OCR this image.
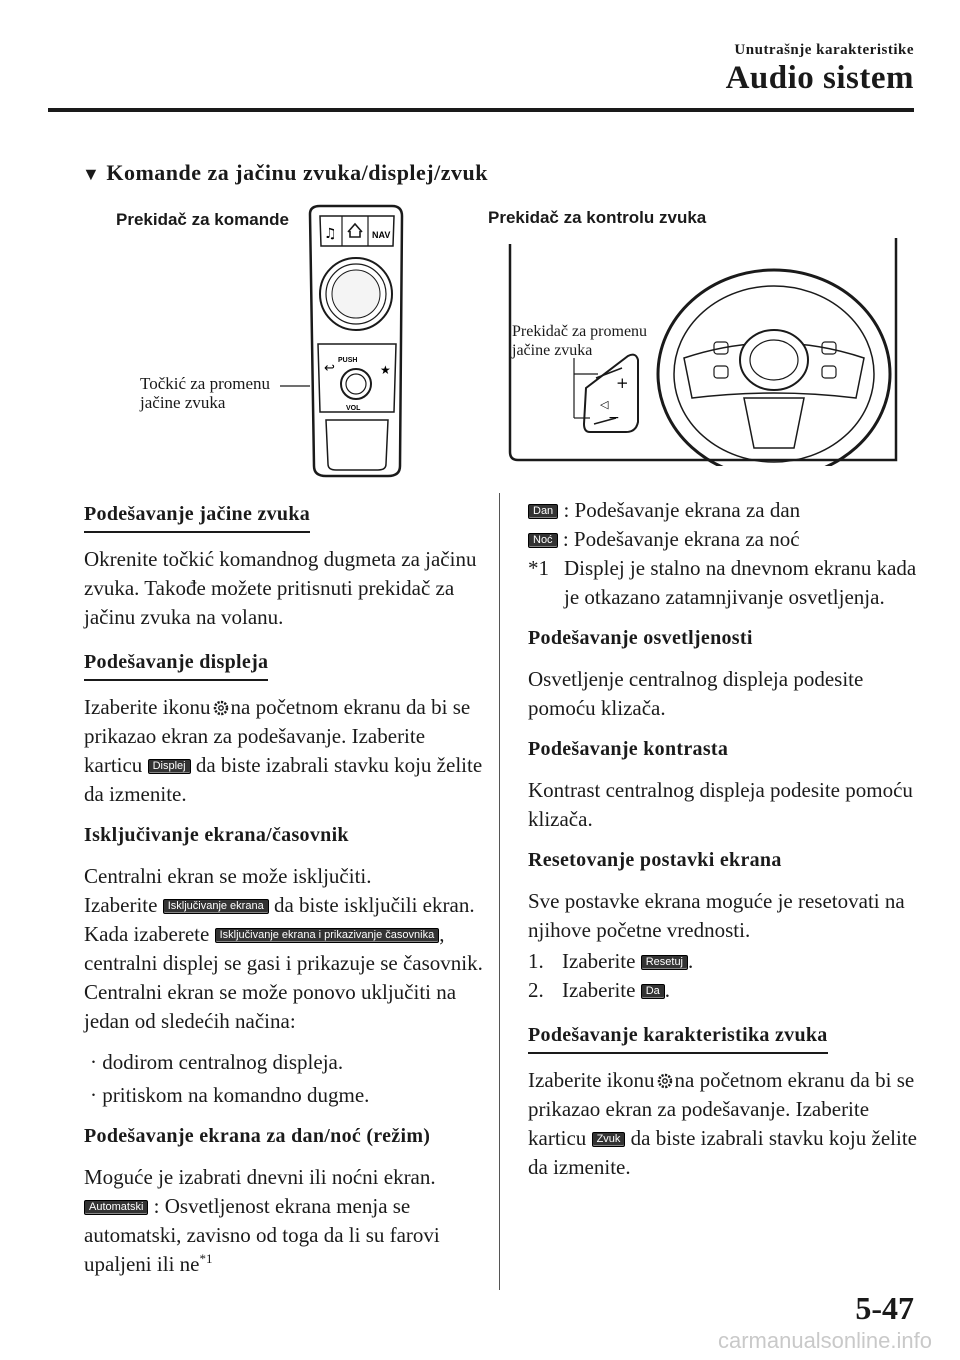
Unutrašnje karakteristike
Audio sistem
▼ Komande za jačinu zvuka/displej/zvuk
Prekidač za komande
Točkić za promenu
jačine zvuka
♫	NAV
↩	★
PUSH
VOL
Prekidač za kontrolu zvuka
+
◁
−
Prekidač za promenu
jačine zvuka
Podešavanje jačine zvuka

Okrenite točkić komandnog dugmeta za jačinu zvuka. Takođe možete pritisnuti prekidač za jačinu zvuka na volanu.

Podešavanje displeja

Izaberite ikonu na početnom ekranu da bi se prikazao ekran za podešavanje. Izaberite karticu Displej da biste izabrali stavku koju želite da izmenite.

Isključivanje ekrana/časovnik

Centralni ekran se može isključiti.
Izaberite Isključivanje ekrana da biste isključili ekran.
Kada izaberete Isključivanje ekrana i prikazivanje časovnika , centralni displej se gasi i prikazuje se časovnik.
Centralni ekran se može ponovo uključiti na jedan od sledećih načina:

· dodirom centralnog displeja.

· pritiskom na komandno dugme.

Podešavanje ekrana za dan/noć (režim)

Moguće je izabrati dnevni ili noćni ekran.
Automatski : Osvetljenost ekrana menja se automatski, zavisno od toga da li su farovi upaljeni ili $ne^{*1}$

Dan : Podešavanje ekrana za dan
Noć : Podešavanje ekrana za noć
*1 Displej je stalno na dnevnom ekranu kada je otkazano zatamnjivanje osvetljenja.
Podešavanje osvetljenosti

Osvetljenje centralnog displeja podesite pomoću klizača.

Podešavanje kontrasta

Kontrast centralnog displeja podesite pomoću klizača.

Resetovanje postavki ekrana

Sve postavke ekrana moguće je resetovati na njihove početne vrednosti.

1. Izaberite Resetuj .
2. Izaberite Da .
Podešavanje karakteristika zvuka

Izaberite ikonu na početnom ekranu da bi se prikazao ekran za podešavanje. Izaberite karticu Zvuk da biste izabrali stavku koju želite da izmenite.

5-47
carmanualsonline.info
